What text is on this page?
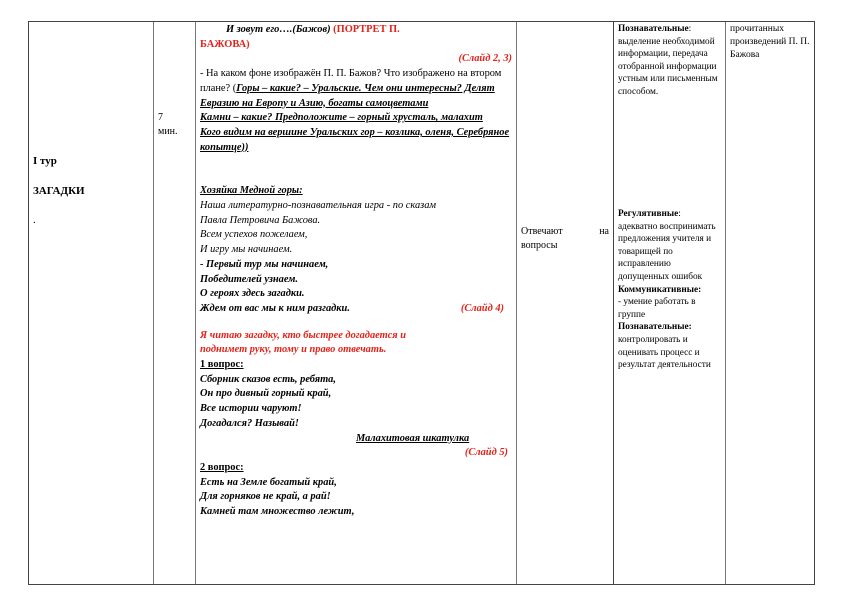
I тур
ЗАГАДКИ
.
7
мин.
И зовут его….(Бажов) (ПОРТРЕТ П.
БАЖОВА)
(Слайд 2, 3)
- На каком фоне изображён П. П. Бажов? Что изображено на втором плане? (Горы – какие? – Уральские. Чем они интересны? Делят Евразию на Европу и Азию, богаты самоцветами
Камни – какие? Предположите – горный хрусталь, малахит
Кого видим на вершине Уральских гор – козлика, оленя, Серебряное копытце))
Хозяйка Медной горы:
Наша литературно-познавательная игра - по сказам
Павла Петровича Бажова.
Всем успехов пожелаем,
И игру мы начинаем.
- Первый тур мы начинаем,
Победителей узнаем.
О героях здесь загадки.
Ждем от вас мы к ним разгадки.	(Слайд 4)
Я читаю загадку, кто быстрее догадается и
поднимет руку, тому и право отвечать.
1 вопрос:
Сборник сказов есть, ребята,
Он про дивный горный край,
Все истории чаруют!
Догадался? Называй!
Малахитовая шкатулка
(Слайд 5)
2 вопрос:
Есть на Земле богатый край,
Для горняков не край, а рай!
Камней там множество лежит,
Отвечают	на
вопросы
Познавательные:
выделение необходимой информации, передача отобранной информации устным или письменным способом.
Регулятивные:
адекватно воспринимать предложения учителя и товарищей по исправлению допущенных ошибок
Коммуникативные:
- умение работать в группе
Познавательные:
контролировать и оценивать процесс и результат деятельности
прочитанных произведений П. П. Бажова
